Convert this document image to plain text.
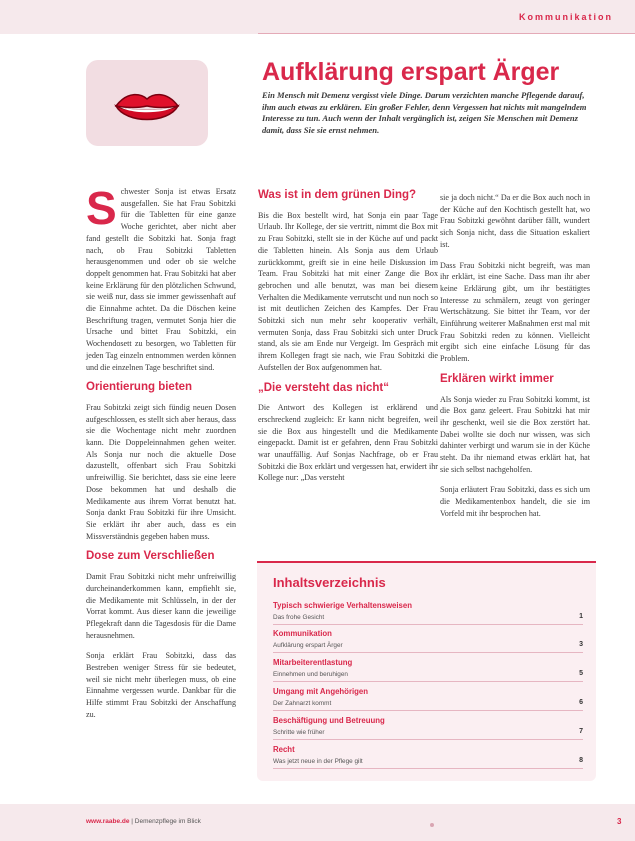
Kommunikation
Aufklärung erspart Ärger
Ein Mensch mit Demenz vergisst viele Dinge. Darum verzichten manche Pflegende darauf, ihm auch etwas zu erklären. Ein großer Fehler, denn Vergessen hat nichts mit mangelndem Interesse zu tun. Auch wenn der Inhalt vergänglich ist, zeigen Sie Menschen mit Demenz damit, dass Sie sie ernst nehmen.

Schwester Sonja ist etwas Ersatz ausgefallen. Sie hat Frau Sobitzki für die Tabletten für eine ganze Woche gerichtet, aber nicht aber fand gestellt die Sobitzki hat. Sonja fragt nach, ob Frau Sobitzki Tabletten herausgenommen und oder ob sie welche doppelt genommen hat. Frau Sobitzki hat aber keine Erklärung für den plötzlichen Schwund, sie weiß nur, dass sie immer gewissenhaft auf die Einnahme achtet. Da die Döschen keine Beschriftung tragen, vermutet Sonja hier die Ursache und bittet Frau Sobitzki, ein Wochendosett zu besorgen, wo Tabletten für jeden Tag einzeln entnommen werden können und die einzelnen Tage beschriftet sind.

Orientierung bieten

Frau Sobitzki zeigt sich fündig neuen Dosen aufgeschlossen, es stellt sich aber heraus, dass sie die Wochentage nicht mehr zuordnen kann. Die Doppeleinnahmen gehen weiter. Als Sonja nur noch die aktuelle Dose dazustellt, offenbart sich Frau Sobitzki unfreiwillig. Sie berichtet, dass sie eine leere Dose bekommen hat und deshalb die Medikamente aus ihrem Vorrat benutzt hat. Sonja dankt Frau Sobitzki für ihre Umsicht. Sie erklärt ihr aber auch, dass es ein Missverständnis gegeben haben muss.

Dose zum Verschließen

Damit Frau Sobitzki nicht mehr unfreiwillig durcheinanderkommen kann, empfiehlt sie, die Medikamente mit Schlüsseln, in der der Vorrat kommt. Aus dieser kann die jeweilige Pflegekraft dann die Tagesdosis für die Dame herausnehmen.

Sonja erklärt Frau Sobitzki, dass das Bestreben weniger Stress für sie bedeutet, weil sie nicht mehr überlegen muss, ob eine Einnahme vergessen wurde. Dankbar für die Hilfe stimmt Frau Sobitzki der Anschaffung zu.

Was ist in dem grünen Ding?

Bis die Box bestellt wird, hat Sonja ein paar Tage Urlaub. Ihr Kollege, der sie vertritt, nimmt die Box mit zu Frau Sobitzki, stellt sie in der Küche auf und packt die Tabletten hinein. Als Sonja aus dem Urlaub zurückkommt, greift sie in eine heile Diskussion im Team. Frau Sobitzki hat mit einer Zange die Box gebrochen und alle benutzt, was man bei diesem Verhalten die Medikamente verrutscht und nun noch so ist mit deutlichen Zeichen des Kampfes. Der Frau Sobitzki sich nun mehr sehr kooperativ verhält, vermuten Sonja, dass Frau Sobitzki sich unter Druck stand, als sie am Ende nur Vergeigt. Im Gespräch mit ihrem Kollegen fragt sie nach, wie Frau Sobitzki die Aufstellen der Box aufgenommen hat.

„Die versteht das nicht“

Die Antwort des Kollegen ist erklärend und erschreckend zugleich: Er kann nicht begreifen, weil sie die Box aus hingestellt und die Medikamente eingepackt. Damit ist er gefahren, denn Frau Sobitzki war unauffällig. Auf Sonjas Nachfrage, ob er Frau Sobitzki die Box erklärt und vergessen hat, erwidert ihr Kollege nur: „Das versteht

sie ja doch nicht.“ Da er die Box auch noch in der Küche auf den Kochtisch gestellt hat, wo Frau Sobitzki gewöhnt darüber fällt, wundert sich Sonja nicht, dass die Situation eskaliert ist.

Dass Frau Sobitzki nicht begreift, was man ihr erklärt, ist eine Sache. Dass man ihr aber keine Erklärung gibt, um ihr bestätigtes Interesse zu schmälern, zeugt von geringer Wertschätzung. Sie bittet ihr Team, vor der Einführung weiterer Maßnahmen erst mal mit Frau Sobitzki reden zu können. Vielleicht ergibt sich eine einfache Lösung für das Problem.

Erklären wirkt immer

Als Sonja wieder zu Frau Sobitzki kommt, ist die Box ganz geleert. Frau Sobitzki hat mir ihr geschenkt, weil sie die Box zerstört hat. Dabei wollte sie doch nur wissen, was sich dahinter verbirgt und warum sie in der Küche steht. Da ihr niemand etwas erklärt hat, hat sie sich selbst nachgeholfen.

Sonja erläutert Frau Sobitzki, dass es sich um die Medikamentenbox handelt, die sie im Vorfeld mit ihr besprochen hat.

Inhaltsverzeichnis
Typisch schwierige Verhaltensweisen
Das frohe Gesicht	1
Kommunikation
Aufklärung erspart Ärger	3
Mitarbeiterentlastung
Einnehmen und beruhigen	5
Umgang mit Angehörigen
Der Zahnarzt kommt	6
Beschäftigung und Betreuung
Schritte wie früher	7
Recht
Was jetzt neue in der Pflege gilt	8
www.raabe.de | Demenzpflege im Blick	3
